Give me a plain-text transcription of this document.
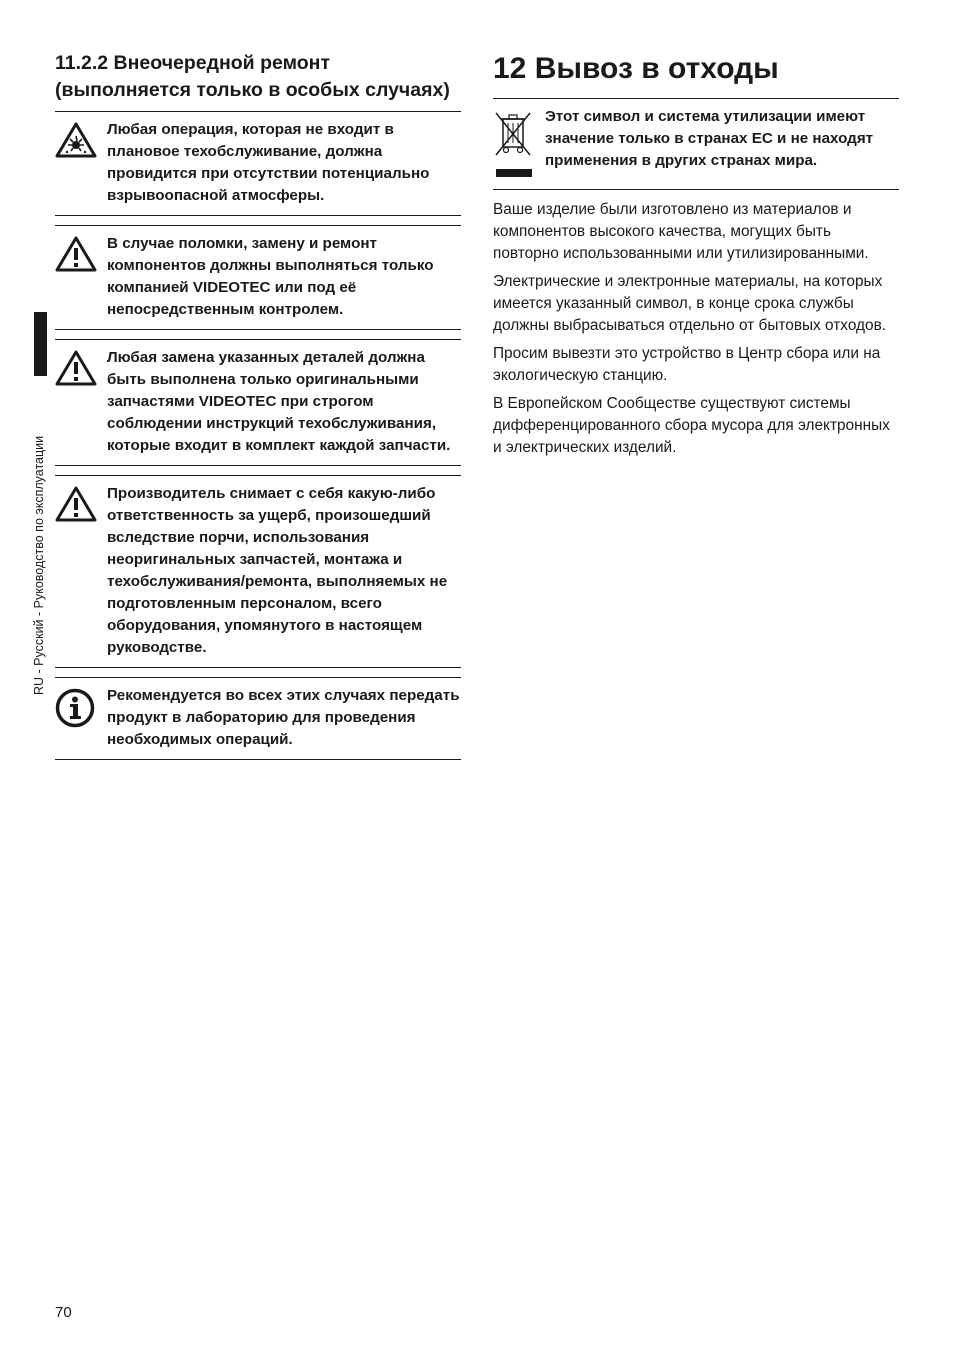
RU - Русский - Руководство по эксплуатации
11.2.2 Внеочередной ремонт (выполняется только в особых случаях)
Любая операция, которая не входит в плановое техобслуживание, должна провидится при отсутствии потенциально взрывоопасной атмосферы.
В случае поломки, замену и ремонт компонентов должны выполняться только компанией VIDEOTEC или под её непосредственным контролем.
Любая замена указанных деталей должна быть выполнена только оригинальными запчастями VIDEOTEC при строгом соблюдении инструкций техобслуживания, которые входит в комплект каждой запчасти.
Производитель снимает с себя какую-либо ответственность за ущерб, произошедший вследствие порчи, использования неоригинальных запчастей, монтажа и техобслуживания/ремонта, выполняемых не подготовленным персоналом, всего оборудования, упомянутого в настоящем руководстве.
Рекомендуется во всех этих случаях передать продукт в лабораторию для проведения необходимых операций.
12 Вывоз в отходы
Этот символ и система утилизации имеют значение только в странах ЕС и не находят применения в других странах мира.

Ваше изделие были изготовлено из материалов и компонентов высокого качества, могущих быть повторно использованными или утилизированными.

Электрические и электронные материалы, на которых имеется указанный символ, в конце срока службы должны выбрасываться отдельно от бытовых отходов.

Просим вывезти это устройство в Центр сбора или на экологическую станцию.

В Европейском Сообществе существуют системы дифференцированного сбора мусора для электронных и электрических изделий.

70
